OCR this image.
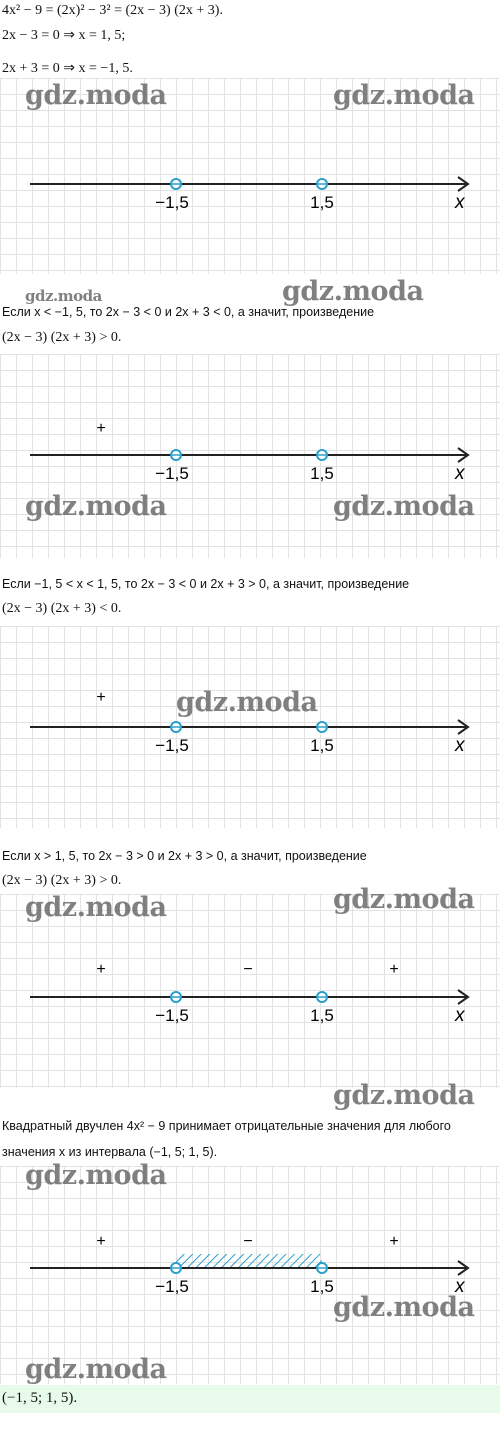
4x² − 9 = (2x)² − 3² = (2x − 3) (2x + 3).
2x − 3 = 0 ⇒ x = 1, 5;
2x + 3 = 0 ⇒ x = −1, 5.
−1,5	1,5	x
gdz.moda	gdz.moda
gdz.moda	gdz.moda
Если x < −1, 5, то 2x − 3 < 0 и 2x + 3 < 0, а значит, произведение
(2x − 3) (2x + 3) > 0.
+
−1,5	1,5	x
gdz.moda	gdz.moda
Если −1, 5 < x < 1, 5, то 2x − 3 < 0 и 2x + 3 > 0, а значит, произведение
(2x − 3) (2x + 3) < 0.
+
−1,5	1,5	x
gdz.moda
Если x > 1, 5, то 2x − 3 > 0 и 2x + 3 > 0, а значит, произведение
(2x − 3) (2x + 3) > 0.
+	−	+
−1,5	1,5	x
gdz.moda	gdz.moda
gdz.moda
Квадратный двучлен 4x² − 9 принимает отрицательные значения для любого
значения x из интервала (−1, 5; 1, 5).
+	−	+
−1,5	1,5	x
gdz.moda
gdz.moda
gdz.moda
(−1, 5; 1, 5).
